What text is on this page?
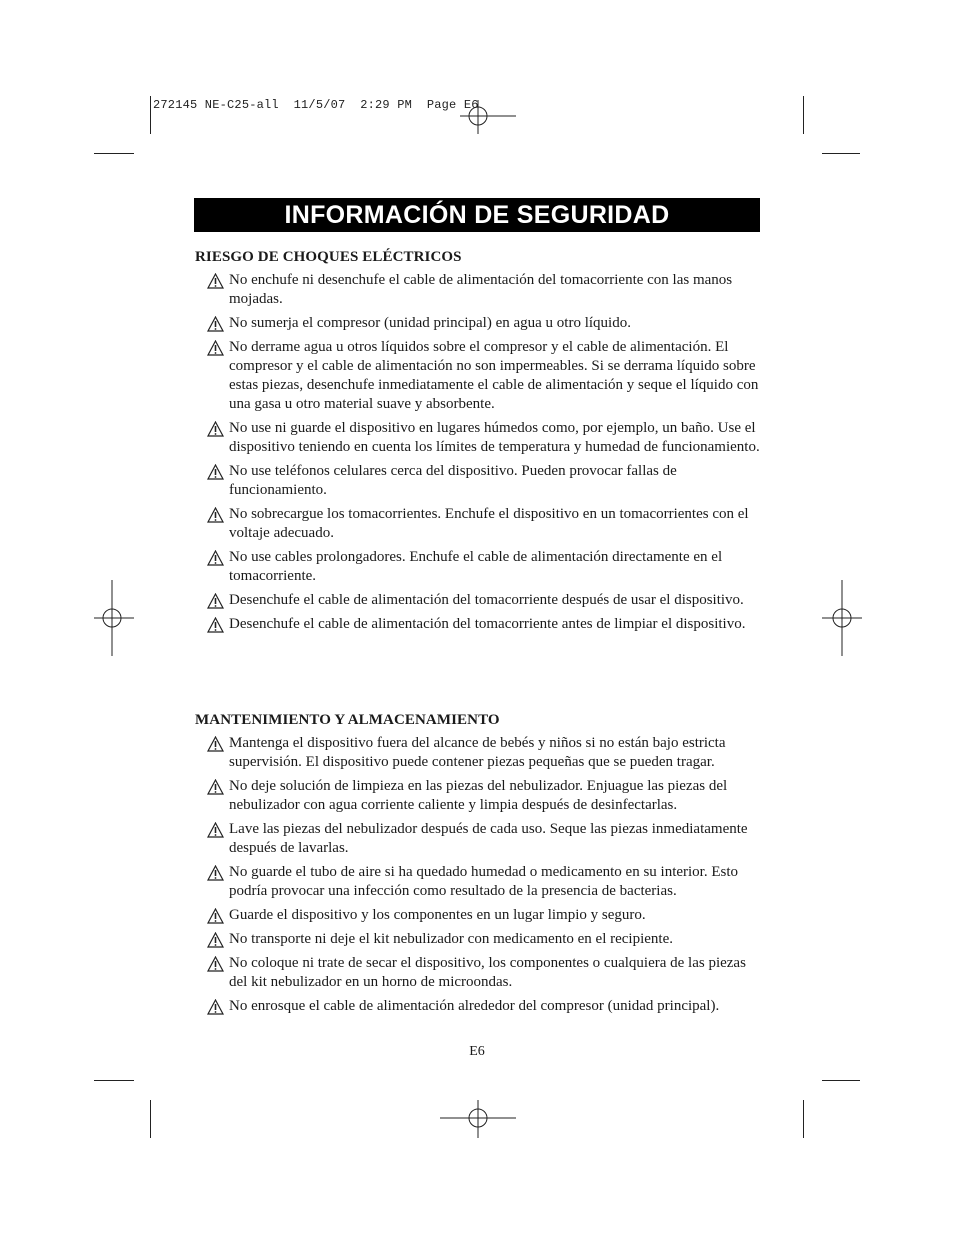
272145 NE-C25-all  11/5/07  2:29 PM  Page E6
INFORMACIÓN DE SEGURIDAD
RIESGO DE CHOQUES ELÉCTRICOS
No enchufe ni desenchufe el cable de alimentación del tomacorriente con las manos mojadas.
No sumerja el compresor (unidad principal) en agua u otro líquido.
No derrame agua u otros líquidos sobre el compresor y el cable de alimentación. El compresor y el cable de alimentación no son impermeables. Si se derrama líquido sobre estas piezas, desenchufe inmediatamente el cable de alimentación y seque el líquido con una gasa u otro material suave y absorbente.
No use ni guarde el dispositivo en lugares húmedos como, por ejemplo, un baño. Use el dispositivo teniendo en cuenta los límites de temperatura y humedad de funcionamiento.
No use teléfonos celulares cerca del dispositivo. Pueden provocar fallas de funcionamiento.
No sobrecargue los tomacorrientes. Enchufe el dispositivo en un tomacorrientes con el voltaje adecuado.
No use cables prolongadores. Enchufe el cable de alimentación directamente en el tomacorriente.
Desenchufe el cable de alimentación del tomacorriente después de usar el dispositivo.
Desenchufe el cable de alimentación del tomacorriente antes de limpiar el dispositivo.
MANTENIMIENTO Y ALMACENAMIENTO
Mantenga el dispositivo fuera del alcance de bebés y niños si no están bajo estricta supervisión. El dispositivo puede contener piezas pequeñas que se pueden tragar.
No deje solución de limpieza en las piezas del nebulizador. Enjuague las piezas del nebulizador con agua corriente caliente y limpia después de desinfectarlas.
Lave las piezas del nebulizador después de cada uso. Seque las piezas inmediatamente después de lavarlas.
No guarde el tubo de aire si ha quedado humedad o medicamento en su interior. Esto podría provocar una infección como resultado de la presencia de bacterias.
Guarde el dispositivo y los componentes en un lugar limpio y seguro.
No transporte ni deje el kit nebulizador con medicamento en el recipiente.
No coloque ni trate de secar el dispositivo, los componentes o cualquiera de las piezas del kit nebulizador en un horno de microondas.
No enrosque el cable de alimentación alrededor del compresor (unidad principal).
E6
